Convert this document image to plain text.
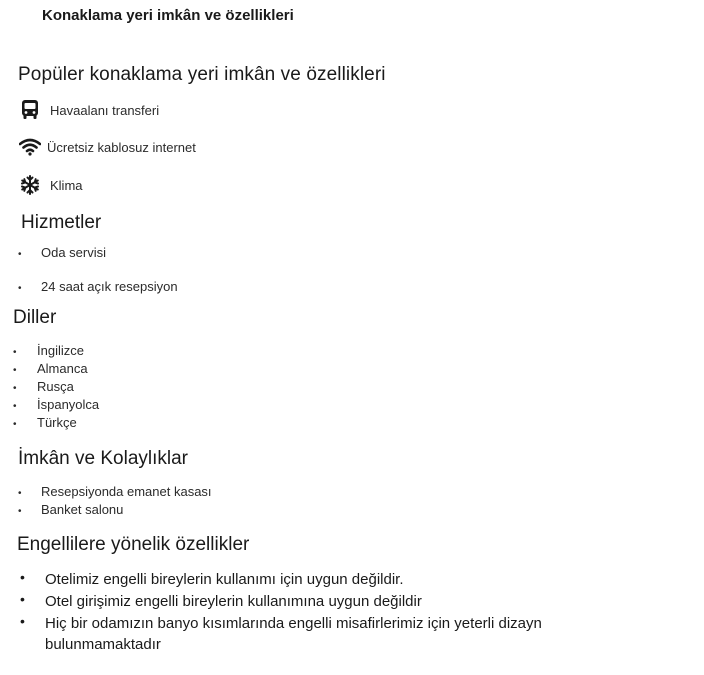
Konaklama yeri imkân ve özellikleri
Popüler konaklama yeri imkân ve özellikleri
Havaalanı transferi
Ücretsiz kablosuz internet
Klima
Hizmetler
•	Oda servisi
•	24 saat açık resepsiyon
Diller
•	İngilizce
•	Almanca
•	Rusça
•	İspanyolca
•	Türkçe
İmkân ve Kolaylıklar
•	Resepsiyonda emanet kasası
•	Banket salonu
Engellilere yönelik özellikler
•	Otelimiz engelli bireylerin kullanımı için uygun değildir.
•	Otel girişimiz engelli bireylerin kullanımına uygun değildir
•	Hiç bir odamızın banyo kısımlarında engelli misafirlerimiz için yeterli dizayn bulunmamaktadır
